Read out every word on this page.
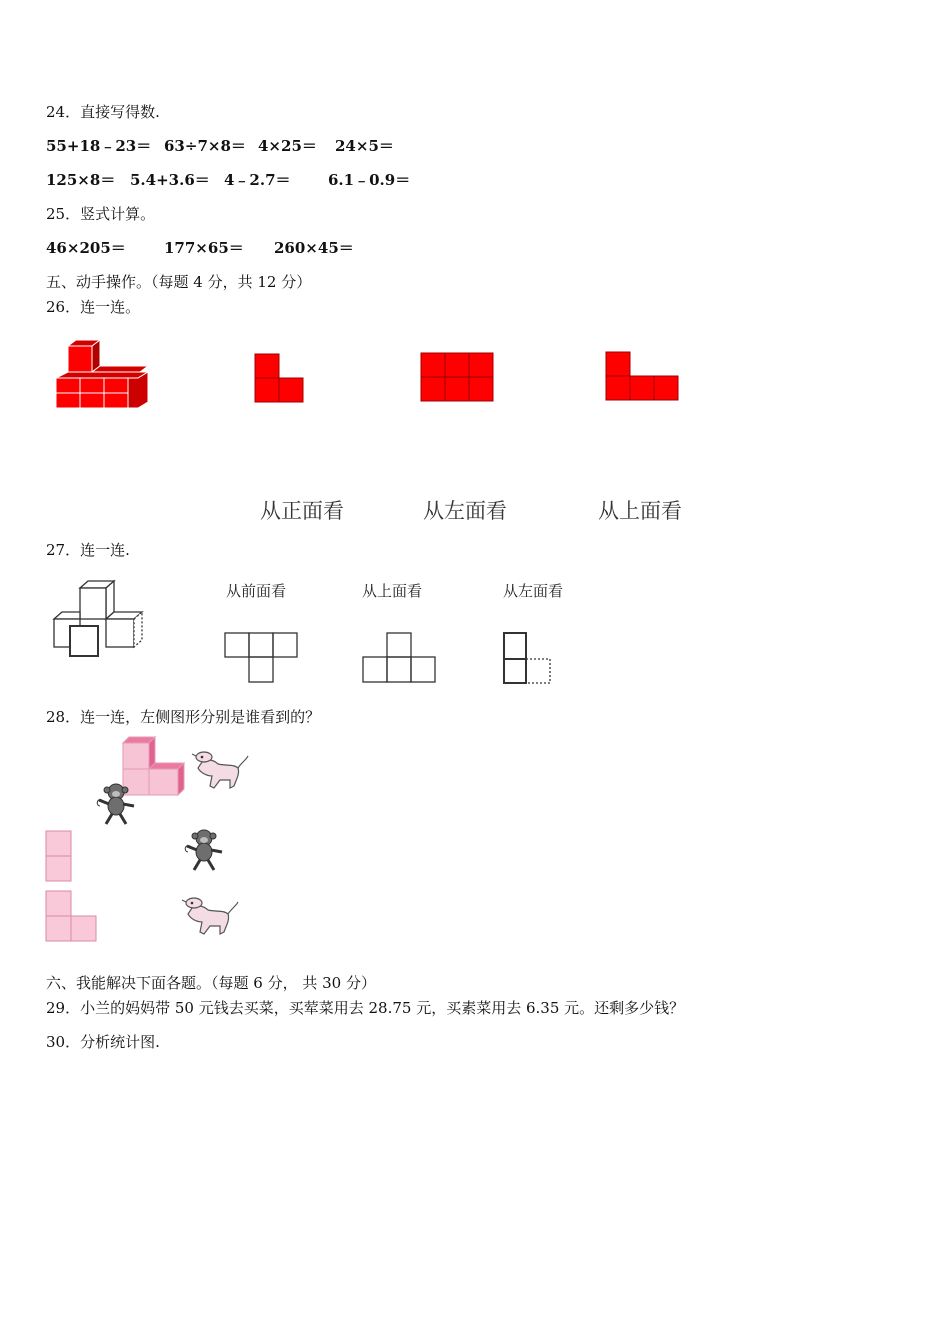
24．直接写得数.
55+18﹣23＝ 63÷7×8＝ 4×25＝ 24×5＝
125×8＝ 5.4+3.6＝ 4﹣2.7＝ 6.1﹣0.9＝
25．竖式计算。
46×205＝	177×65＝ 260×45＝
五、动手操作。（每题 4 分，共 12 分）
26．连一连。
从正面看	从左面看	从上面看
27．连一连.
从前面看	从上面看	从左面看
28．连一连，左侧图形分别是谁看到的？
六、我能解决下面各题。（每题 6 分， 共 30 分）
29．小兰的妈妈带 50 元钱去买菜，买荤菜用去 28.75 元，买素菜用去 6.35 元。还剩多少钱？
30．分析统计图.
